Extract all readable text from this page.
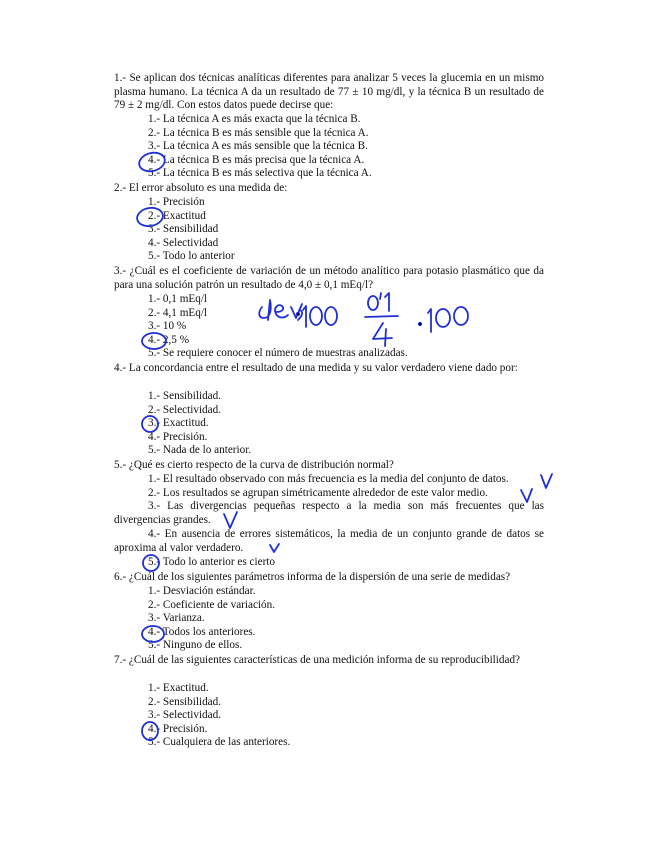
1.- Se aplican dos técnicas analíticas diferentes para analizar 5 veces la glucemia en un mismo plasma humano. La técnica A da un resultado de 77 ± 10 mg/dl, y la técnica B un resultado de 79 ± 2 mg/dl. Con estos datos puede decirse que:
1.- La técnica A es más exacta que la técnica B.
2.- La técnica B es más sensible que la técnica A.
3.- La técnica A es más sensible que la técnica B.
4.- La técnica B es más precisa que la técnica A.
5.- La técnica B es más selectiva que la técnica A.
2.- El error absoluto es una medida de:
1.- Precisión
2.- Exactitud
3.- Sensibilidad
4.- Selectividad
5.- Todo lo anterior
3.- ¿Cuál es el coeficiente de variación de un método analítico para potasio plasmático que da para una solución patrón un resultado de 4,0 ± 0,1 mEq/l?
1.- 0,1 mEq/l
2.- 4,1 mEq/l
3.- 10 %
4.- 2,5 %
5.- Se requiere conocer el número de muestras analizadas.
4.- La concordancia entre el resultado de una medida y su valor verdadero viene dado por:
1.- Sensibilidad.
2.- Selectividad.
3.- Exactitud.
4.- Precisión.
5.- Nada de lo anterior.
5.- ¿Qué es cierto respecto de la curva de distribución normal?
1.- El resultado observado con más frecuencia es la media del conjunto de datos.
2.- Los resultados se agrupan simétricamente alrededor de este valor medio.
3.- Las divergencias pequeñas respecto a la media son más frecuentes que las divergencias grandes.
4.- En ausencia de errores sistemáticos, la media de un conjunto grande de datos se aproxima al valor verdadero.
5.- Todo lo anterior es cierto
6.- ¿Cuál de los siguientes parámetros informa de la dispersión de una serie de medidas?
1.- Desviación estándar.
2.- Coeficiente de variación.
3.- Varianza.
4.- Todos los anteriores.
5.- Ninguno de ellos.
7.- ¿Cuál de las siguientes características de una medición informa de su reproducibilidad?
1.- Exactitud.
2.- Sensibilidad.
3.- Selectividad.
4.- Precisión.
5.- Cualquiera de las anteriores.
